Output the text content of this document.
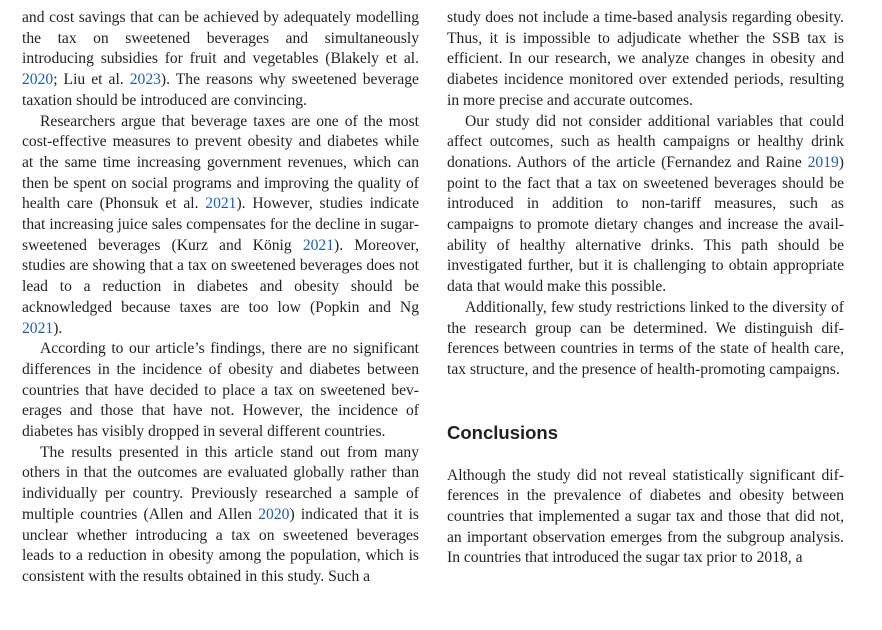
and cost savings that can be achieved by adequately modelling the tax on sweetened beverages and simultaneously introducing subsidies for fruit and vegetables (Blakely et al. 2020; Liu et al. 2023). The reasons why sweetened beverage taxation should be introduced are convincing.

Researchers argue that beverage taxes are one of the most cost-effective measures to prevent obesity and diabetes while at the same time increasing government revenues, which can then be spent on social programs and improving the quality of health care (Phonsuk et al. 2021). However, studies indicate that increasing juice sales compensates for the decline in sugar-sweetened beverages (Kurz and König 2021). Moreover, studies are showing that a tax on sweetened beverages does not lead to a reduction in diabetes and obesity should be acknowledged because taxes are too low (Popkin and Ng 2021).

According to our article’s findings, there are no significant differences in the incidence of obesity and diabetes between countries that have decided to place a tax on sweetened beverages and those that have not. However, the incidence of diabetes has visibly dropped in several different countries.

The results presented in this article stand out from many others in that the outcomes are evaluated globally rather than individually per country. Previously researched a sample of multiple countries (Allen and Allen 2020) indicated that it is unclear whether introducing a tax on sweetened beverages leads to a reduction in obesity among the population, which is consistent with the results obtained in this study. Such a

study does not include a time-based analysis regarding obesity. Thus, it is impossible to adjudicate whether the SSB tax is efficient. In our research, we analyze changes in obesity and diabetes incidence monitored over extended periods, resulting in more precise and accurate outcomes.

Our study did not consider additional variables that could affect outcomes, such as health campaigns or healthy drink donations. Authors of the article (Fernandez and Raine 2019) point to the fact that a tax on sweetened beverages should be introduced in addition to non-tariff measures, such as campaigns to promote dietary changes and increase the availability of healthy alternative drinks. This path should be investigated further, but it is challenging to obtain appropriate data that would make this possible.

Additionally, few study restrictions linked to the diversity of the research group can be determined. We distinguish differences between countries in terms of the state of health care, tax structure, and the presence of health-promoting campaigns.

Conclusions

Although the study did not reveal statistically significant differences in the prevalence of diabetes and obesity between countries that implemented a sugar tax and those that did not, an important observation emerges from the subgroup analysis. In countries that introduced the sugar tax prior to 2018, a
